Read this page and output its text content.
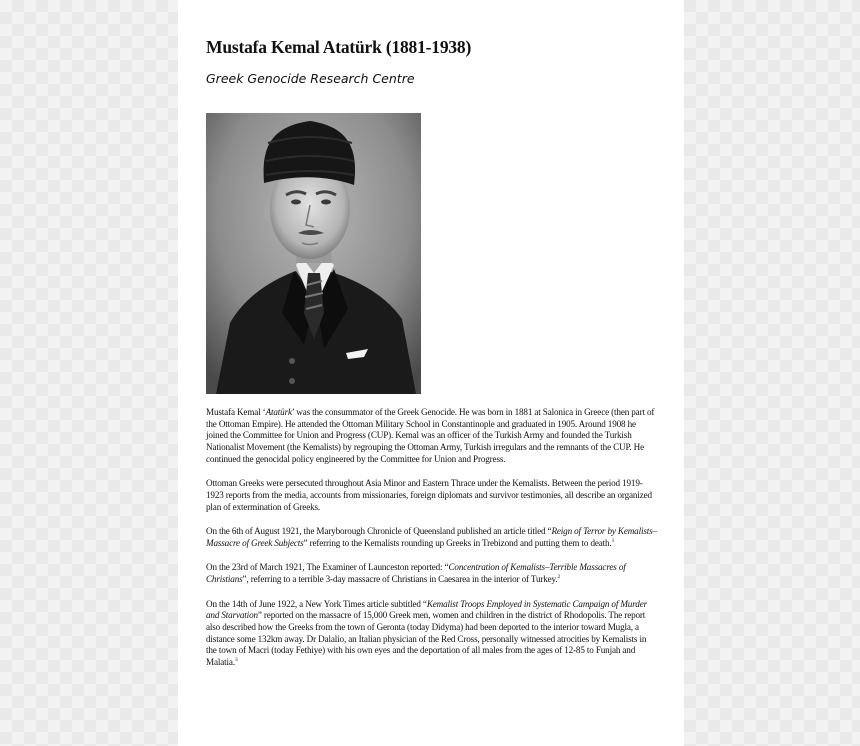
Mustafa Kemal Atatürk (1881-1938)
Greek Genocide Research Centre

Mustafa Kemal ‘Atatürk’ was the consummator of the Greek Genocide. He was born in 1881 at Salonica in Greece (then part of the Ottoman Empire). He attended the Ottoman Military School in Constantinople and graduated in 1905. Around 1908 he joined the Committee for Union and Progress (CUP). Kemal was an officer of the Turkish Army and founded the Turkish Nationalist Movement (the Kemalists) by regrouping the Ottoman Army, Turkish irregulars and the remnants of the CUP. He continued the genocidal policy engineered by the Committee for Union and Progress.

Ottoman Greeks were persecuted throughout Asia Minor and Eastern Thrace under the Kemalists. Between the period 1919-1923 reports from the media, accounts from missionaries, foreign diplomats and survivor testimonies, all describe an organized plan of extermination of Greeks.

On the 6th of August 1921, the Maryborough Chronicle of Queensland published an article titled “Reign of Terror by Kemalists–Massacre of Greek Subjects” referring to the Kemalists rounding up Greeks in Trebizond and putting them to death.$^1$

On the 23rd of March 1921, The Examiner of Launceston reported: “Concentration of Kemalists–Terrible Massacres of Christians”, referring to a terrible 3-day massacre of Christians in Caesarea in the interior of Turkey.$^2$

On the 14th of June 1922, a New York Times article subtitled “Kemalist Troops Employed in Systematic Campaign of Murder and Starvation” reported on the massacre of 15,000 Greek men, women and children in the district of Rhodopolis. The report also described how the Greeks from the town of Geronta (today Didyma) had been deported to the interior toward Mugla, a distance some 132km away. Dr Dalalio, an Italian physician of the Red Cross, personally witnessed atrocities by Kemalists in the town of Macri (today Fethiye) with his own eyes and the deportation of all males from the ages of 12-85 to Funjah and Malatia.$^3$
